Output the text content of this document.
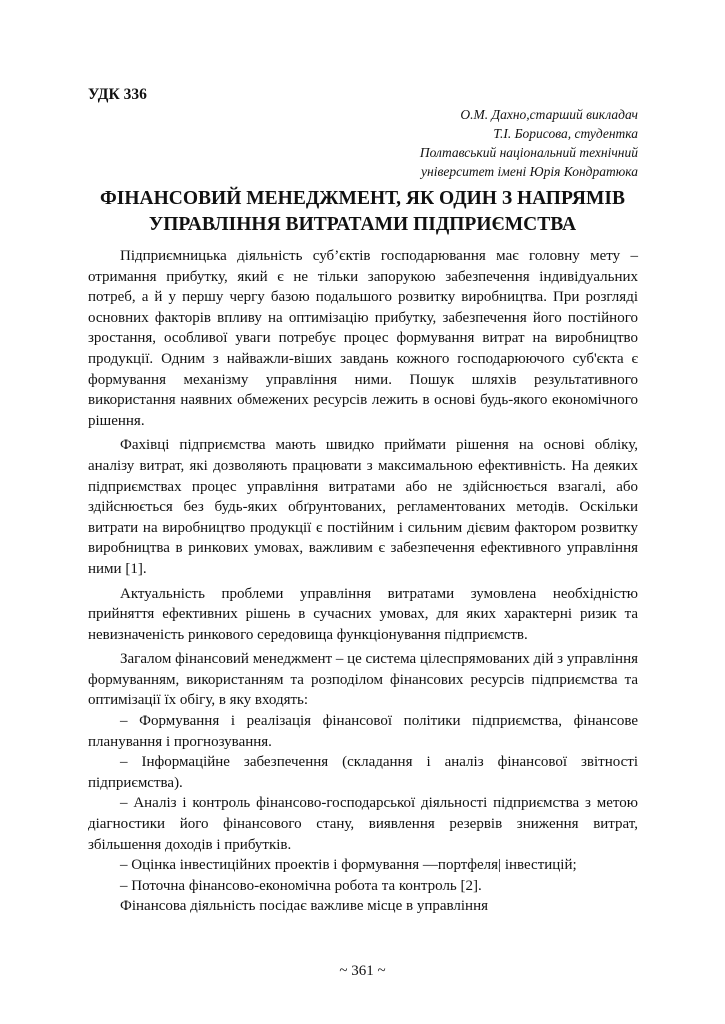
УДК 336
О.М. Дахно,старший викладач
Т.І. Борисова, студентка
Полтавський національний технічний
університет імені Юрія Кондратюка
ФІНАНСОВИЙ МЕНЕДЖМЕНТ, ЯК ОДИН З НАПРЯМІВ
УПРАВЛІННЯ ВИТРАТАМИ ПІДПРИЄМСТВА

Підприємницька діяльність суб’єктів господарювання має головну мету – отримання прибутку, який є не тільки запорукою забезпечення індивідуальних потреб, а й у першу чергу базою подальшого розвитку виробництва. При розгляді основних факторів впливу на оптимізацію прибутку, забезпечення його постійного зростання, особливої уваги потребує процес формування витрат на виробництво продукції. Одним з найважли-віших завдань кожного господарюючого суб'єкта є формування механізму управління ними. Пошук шляхів результативного використання наявних обмежених ресурсів лежить в основі будь-якого економічного рішення.

Фахівці підприємства мають швидко приймати рішення на основі обліку, аналізу витрат, які дозволяють працювати з максимальною ефективність. На деяких підприємствах процес управління витратами або не здійснюється взагалі, або здійснюється без будь-яких обґрунтованих, регламентованих методів. Оскільки витрати на виробництво продукції є постійним і сильним дієвим фактором розвитку виробництва в ринкових умовах, важливим є забезпечення ефективного управління ними [1].

Актуальність проблеми управління витратами зумовлена необхідністю прийняття ефективних рішень в сучасних умовах, для яких характерні ризик та невизначеність ринкового середовища функціонування підприємств.

Загалом фінансовий менеджмент – це система цілеспрямованих дій з управління формуванням, використанням та розподілом фінансових ресурсів підприємства та оптимізації їх обігу, в яку входять:

– Формування і реалізація фінансової політики підприємства, фінансове планування і прогнозування.

– Інформаційне забезпечення (складання і аналіз фінансової звітності підприємства).

– Аналіз і контроль фінансово-господарської діяльності підприємства з метою діагностики його фінансового стану, виявлення резервів зниження витрат, збільшення доходів і прибутків.

– Оцінка інвестиційних проектів і формування —портфеля| інвестицій;

– Поточна фінансово-економічна робота та контроль [2].

Фінансова діяльність посідає важливе місце в управління

~ 361 ~
